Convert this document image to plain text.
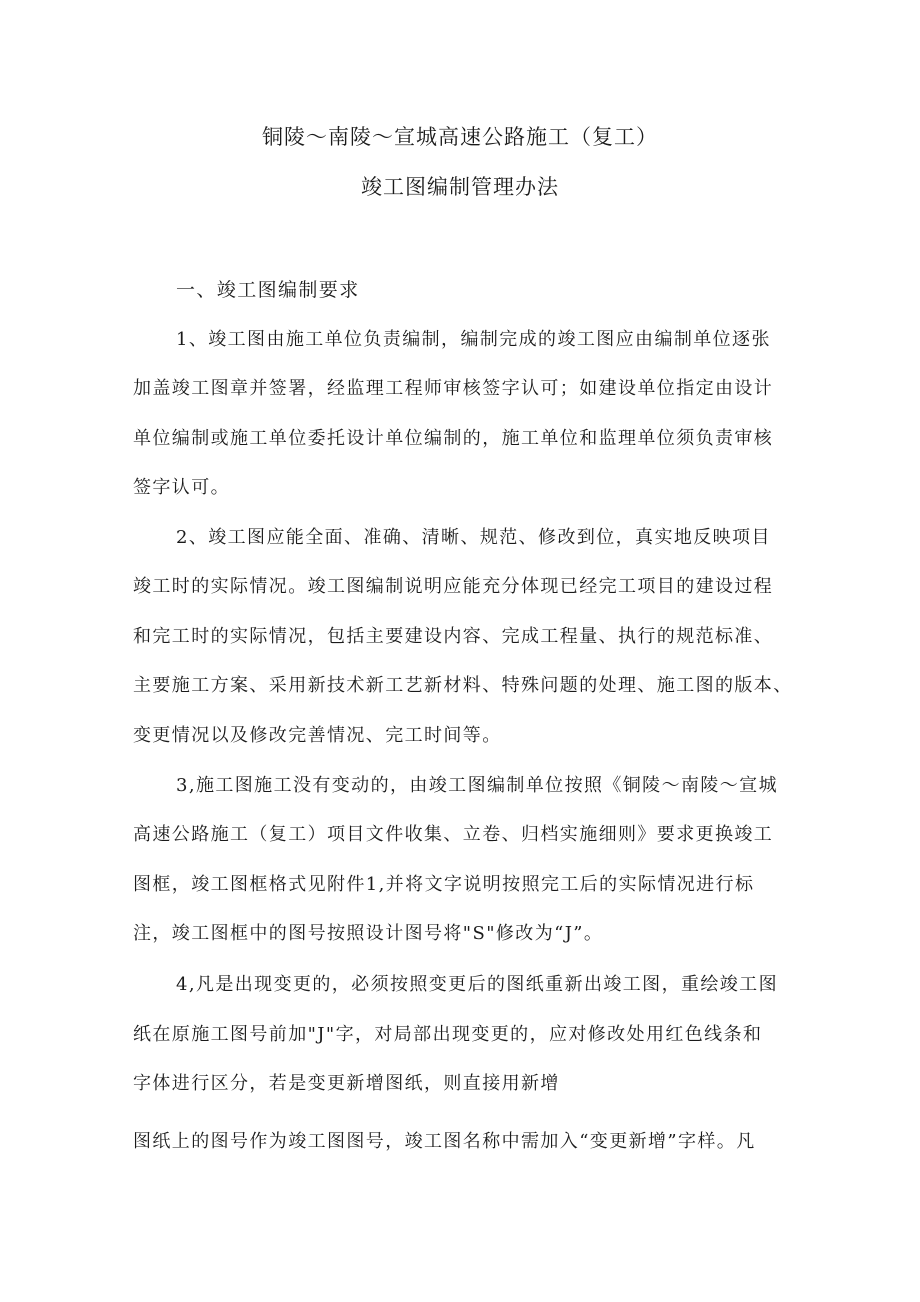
铜陵～南陵～宣城高速公路施工（复工）
竣工图编制管理办法
一、竣工图编制要求
1、竣工图由施工单位负责编制，编制完成的竣工图应由编制单位逐张
加盖竣工图章并签署，经监理工程师审核签字认可；如建设单位指定由设计
单位编制或施工单位委托设计单位编制的，施工单位和监理单位须负责审核
签字认可。
2、竣工图应能全面、准确、清晰、规范、修改到位，真实地反映项目
竣工时的实际情况。竣工图编制说明应能充分体现已经完工项目的建设过程
和完工时的实际情况，包括主要建设内容、完成工程量、执行的规范标准、
主要施工方案、采用新技术新工艺新材料、特殊问题的处理、施工图的版本、
变更情况以及修改完善情况、完工时间等。
3,施工图施工没有变动的，由竣工图编制单位按照《铜陵～南陵～宣城
高速公路施工（复工）项目文件收集、立卷、归档实施细则》要求更换竣工
图框，竣工图框格式见附件1,并将文字说明按照完工后的实际情况进行标
注，竣工图框中的图号按照设计图号将"S"修改为“J”。
4,凡是出现变更的，必须按照变更后的图纸重新出竣工图，重绘竣工图
纸在原施工图号前加"J"字，对局部出现变更的，应对修改处用红色线条和
字体进行区分，若是变更新增图纸，则直接用新增
图纸上的图号作为竣工图图号，竣工图名称中需加入“变更新增”字样。凡
